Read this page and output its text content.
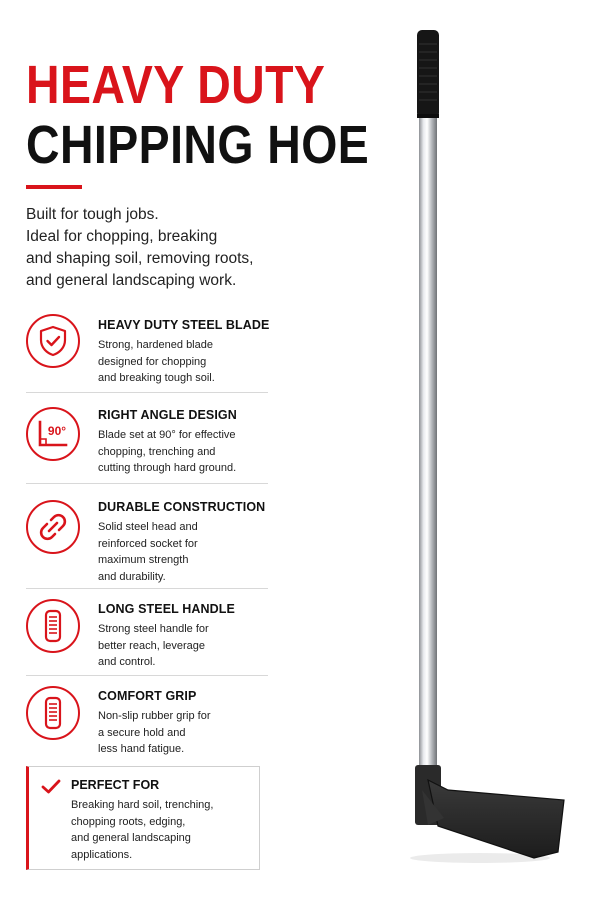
HEAVY DUTY
CHIPPING HOE
Built for tough jobs.
Ideal for chopping, breaking
and shaping soil, removing roots,
and general landscaping work.
HEAVY DUTY STEEL BLADE

Strong, hardened blade
designed for chopping
and breaking tough soil.

90°
RIGHT ANGLE DESIGN

Blade set at 90° for effective
chopping, trenching and
cutting through hard ground.

DURABLE CONSTRUCTION

Solid steel head and
reinforced socket for
maximum strength
and durability.

LONG STEEL HANDLE

Strong steel handle for
better reach, leverage
and control.

COMFORT GRIP

Non-slip rubber grip for
a secure hold and
less hand fatigue.

PERFECT FOR

Breaking hard soil, trenching,
chopping roots, edging,
and general landscaping
applications.
